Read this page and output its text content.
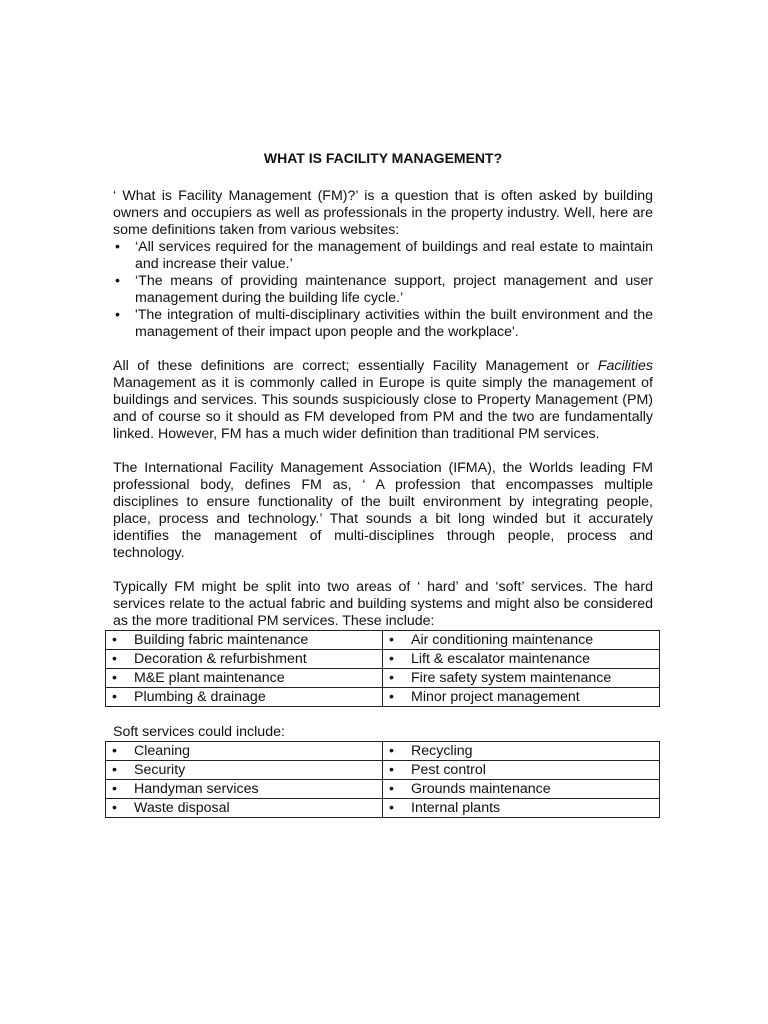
WHAT IS FACILITY MANAGEMENT?

‘ What is Facility Management (FM)?’ is a question that is often asked by building owners and occupiers as well as professionals in the property industry. Well, here are some definitions taken from various websites:

• ‘All services required for the management of buildings and real estate to maintain and increase their value.’
• ‘The means of providing maintenance support, project management and user management during the building life cycle.’
• 'The integration of multi-disciplinary activities within the built environment and the management of their impact upon people and the workplace'.

All of these definitions are correct; essentially Facility Management or Facilities Management as it is commonly called in Europe is quite simply the management of buildings and services. This sounds suspiciously close to Property Management (PM) and of course so it should as FM developed from PM and the two are fundamentally linked. However, FM has a much wider definition than traditional PM services.

The International Facility Management Association (IFMA), the Worlds leading FM professional body, defines FM as, ‘ A profession that encompasses multiple disciplines to ensure functionality of the built environment by integrating people, place, process and technology.’ That sounds a bit long winded but it accurately identifies the management of multi-disciplines through people, process and technology.

Typically FM might be split into two areas of ‘ hard’ and ‘soft’ services. The hard services relate to the actual fabric and building systems and might also be considered as the more traditional PM services. These include:

• Building fabric maintenance	• Air conditioning maintenance
• Decoration & refurbishment	• Lift & escalator maintenance
• M&E plant maintenance	• Fire safety system maintenance
• Plumbing & drainage	• Minor project management

Soft services could include:

• Cleaning	• Recycling
• Security	• Pest control
• Handyman services	• Grounds maintenance
• Waste disposal	• Internal plants
